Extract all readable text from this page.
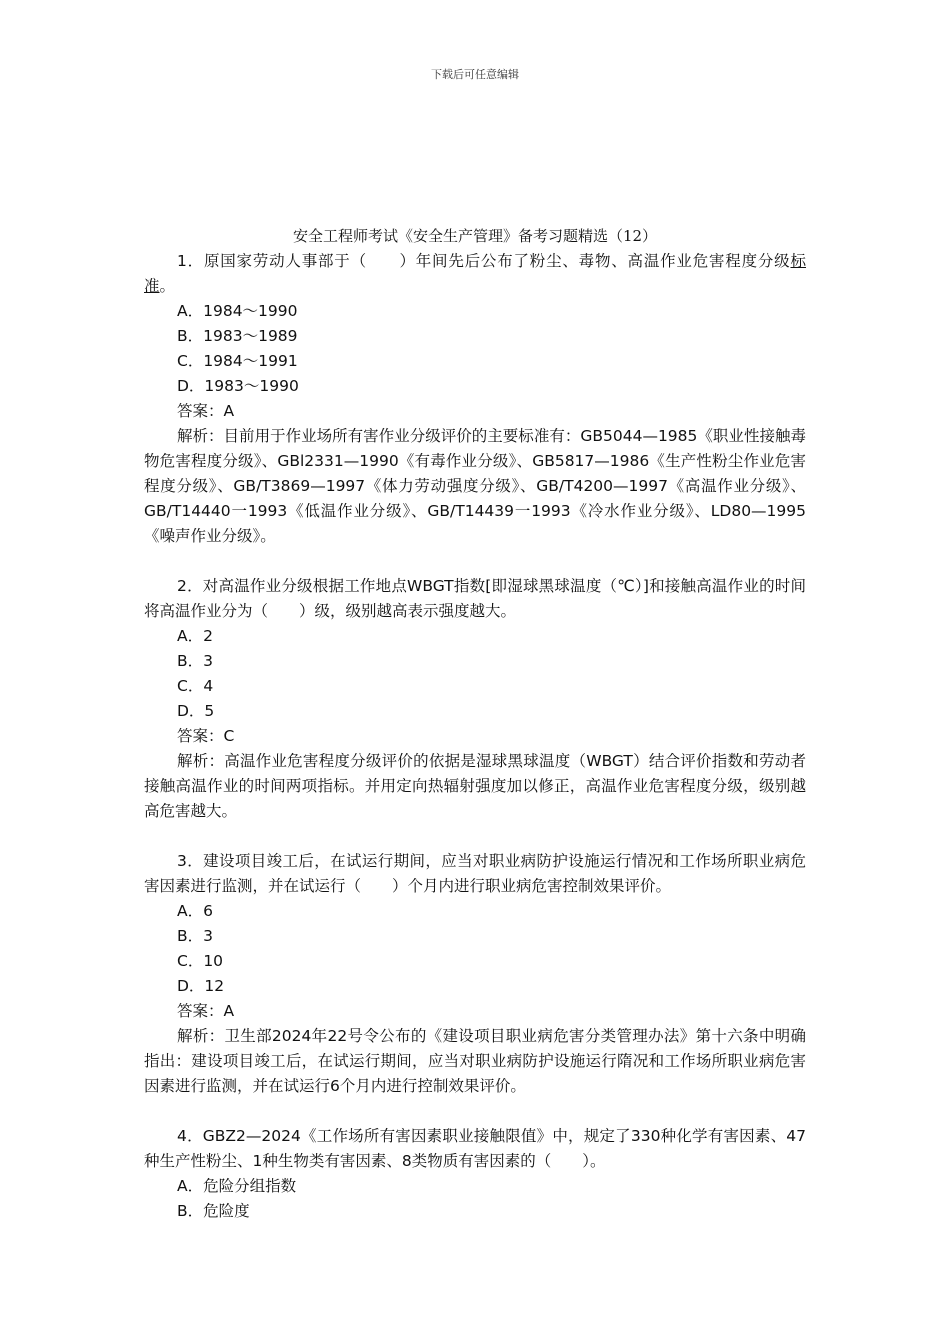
下载后可任意编辑
安全工程师考试《安全生产管理》备考习题精选（12）
1．原国家劳动人事部于（　　）年间先后公布了粉尘、毒物、高温作业危害程度分级标准。
A．1984～1990
B．1983～1989
C．1984～1991
D．1983～1990
答案：A
解析：目前用于作业场所有害作业分级评价的主要标准有：GB5044—1985《职业性接触毒物危害程度分级》、GBl2331—1990《有毒作业分级》、GB5817—1986《生产性粉尘作业危害程度分级》、GB/T3869—1997《体力劳动强度分级》、GB/T4200—1997《高温作业分级》、GB/T14440一1993《低温作业分级》、GB/T14439一1993《冷水作业分级》、LD80—1995《噪声作业分级》。
2．对高温作业分级根据工作地点WBGT指数[即湿球黑球温度（℃）]和接触高温作业的时间将高温作业分为（　　）级，级别越高表示强度越大。
A．2
B．3
C．4
D．5
答案：C
解析：高温作业危害程度分级评价的依据是湿球黑球温度（WBGT）结合评价指数和劳动者接触高温作业的时间两项指标。并用定向热辐射强度加以修正，高温作业危害程度分级，级别越高危害越大。
3．建设项目竣工后，在试运行期间，应当对职业病防护设施运行情况和工作场所职业病危害因素进行监测，并在试运行（　　）个月内进行职业病危害控制效果评价。
A．6
B．3
C．10
D．12
答案：A
解析：卫生部2024年22号令公布的《建设项目职业病危害分类管理办法》第十六条中明确指出：建设项目竣工后，在试运行期间，应当对职业病防护设施运行隋况和工作场所职业病危害因素进行监测，并在试运行6个月内进行控制效果评价。
4．GBZ2—2024《工作场所有害因素职业接触限值》中，规定了330种化学有害因素、47种生产性粉尘、1种生物类有害因素、8类物质有害因素的（　　）。
A．危险分组指数
B．危险度
